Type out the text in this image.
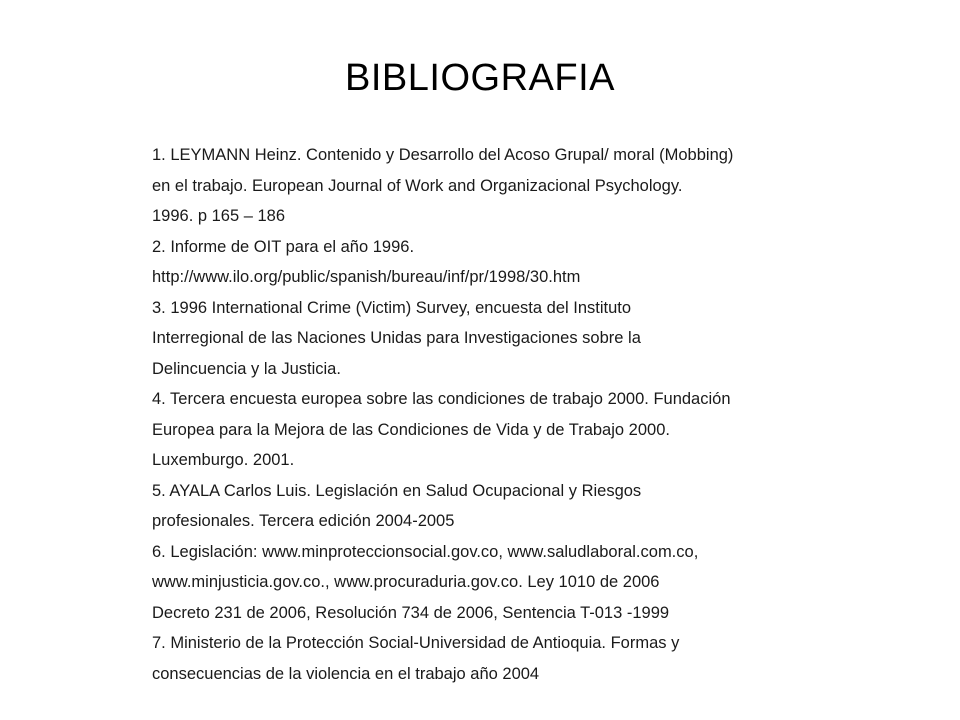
BIBLIOGRAFIA
1. LEYMANN Heinz. Contenido y Desarrollo del Acoso Grupal/ moral (Mobbing)
en el trabajo. European Journal of Work and Organizacional Psychology.
1996. p 165 – 186
2. Informe de OIT para el año 1996.
http://www.ilo.org/public/spanish/bureau/inf/pr/1998/30.htm
3. 1996 International Crime (Victim) Survey, encuesta del Instituto
Interregional de las Naciones Unidas para Investigaciones sobre la
Delincuencia y la Justicia.
4. Tercera encuesta europea sobre las condiciones de trabajo 2000. Fundación
Europea para la Mejora de las Condiciones de Vida y de Trabajo 2000.
Luxemburgo. 2001.
5. AYALA Carlos Luis. Legislación en Salud Ocupacional y Riesgos
profesionales. Tercera edición 2004-2005
6. Legislación: www.minproteccionsocial.gov.co, www.saludlaboral.com.co,
www.minjusticia.gov.co., www.procuraduria.gov.co. Ley 1010 de 2006
Decreto 231 de 2006, Resolución 734 de 2006, Sentencia T-013 -1999
7. Ministerio de la Protección Social-Universidad de Antioquia. Formas y
consecuencias de la violencia en el trabajo año 2004
